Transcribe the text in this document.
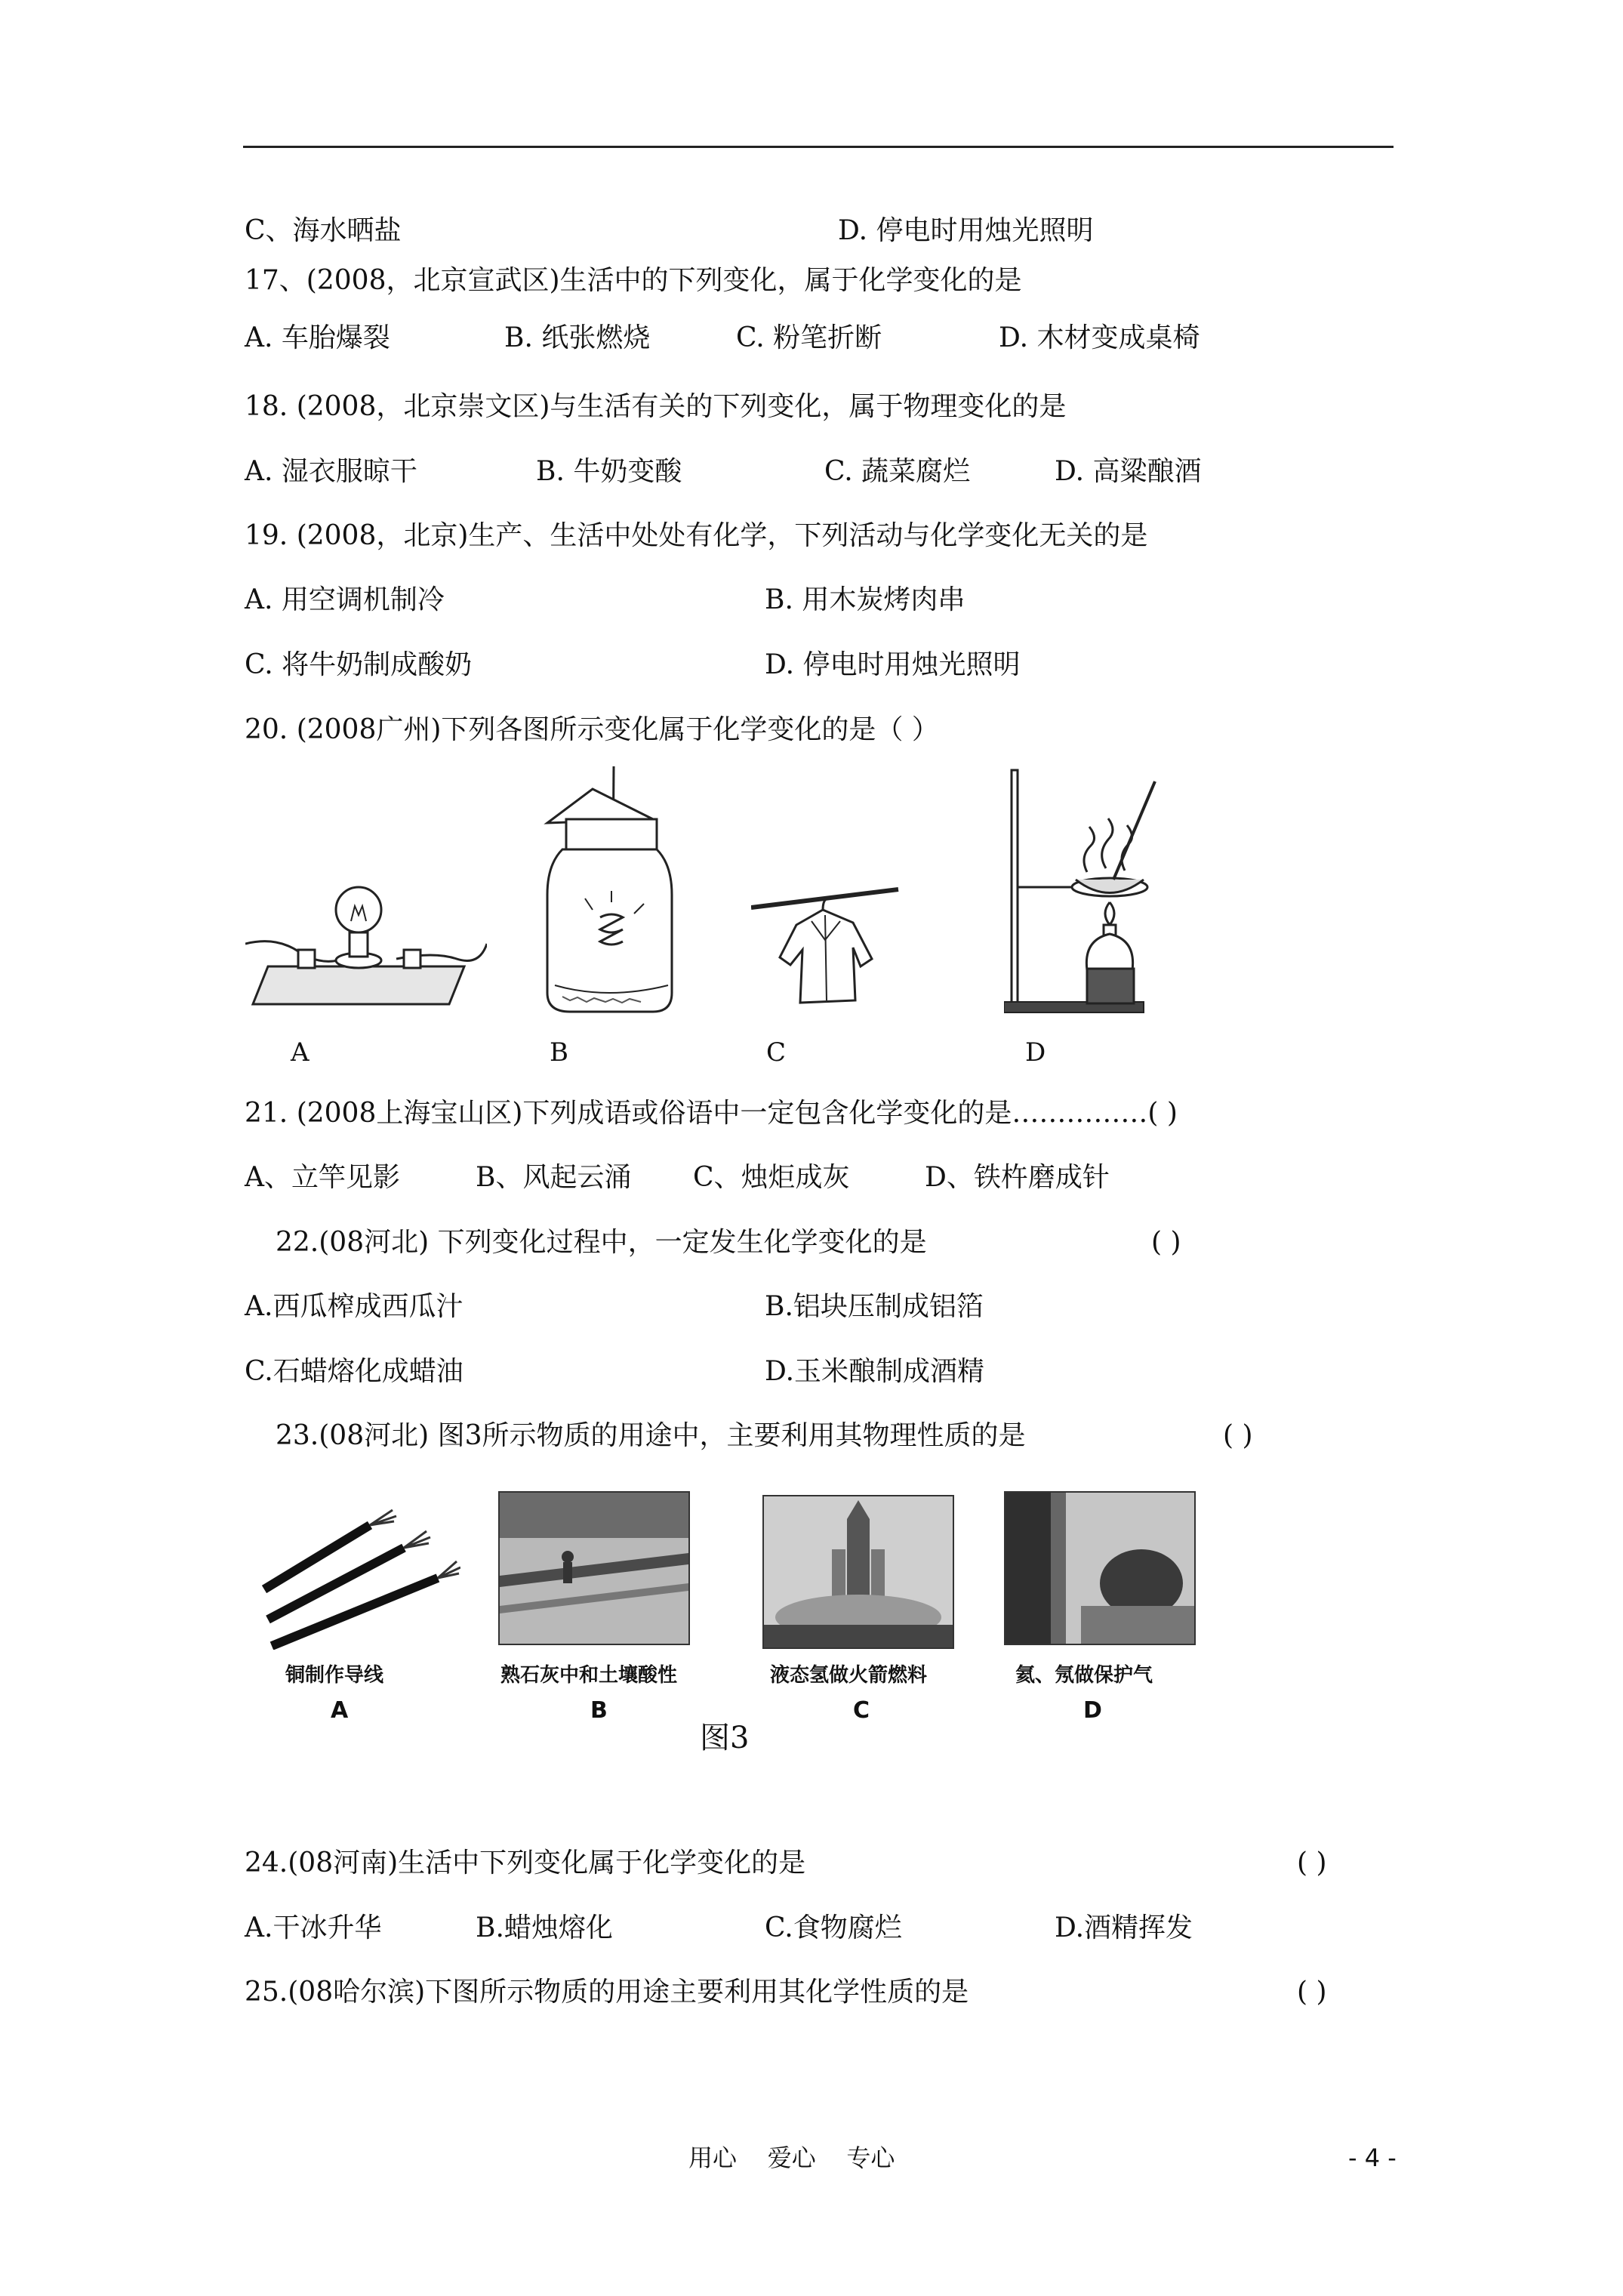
C、海水晒盐	D. 停电时用烛光照明
17、(2008，北京宣武区)生活中的下列变化，属于化学变化的是
A. 车胎爆裂	B. 纸张燃烧	C. 粉笔折断	D. 木材变成桌椅
18. (2008，北京崇文区)与生活有关的下列变化，属于物理变化的是
A. 湿衣服晾干	B. 牛奶变酸	C. 蔬菜腐烂	D. 高粱酿酒
19. (2008，北京)生产、生活中处处有化学，下列活动与化学变化无关的是
A. 用空调机制冷	B. 用木炭烤肉串
C. 将牛奶制成酸奶	D. 停电时用烛光照明
20. (2008广州)下列各图所示变化属于化学变化的是（ ）
A	B	C	D
21. (2008上海宝山区)下列成语或俗语中一定包含化学变化的是……………( )
A、立竿见影	B、风起云涌 C、烛炬成灰	D、铁杵磨成针
22.(08河北) 下列变化过程中，一定发生化学变化的是	( )
A.西瓜榨成西瓜汁	B.铝块压制成铝箔
C.石蜡熔化成蜡油	D.玉米酿制成酒精
23.(08河北) 图3所示物质的用途中，主要利用其物理性质的是	( )
铜制作导线	熟石灰中和土壤酸性	液态氢做火箭燃料	氦、氖做保护气
A	B	C	D
图3
24.(08河南)生活中下列变化属于化学变化的是	( )
A.干冰升华	B.蜡烛熔化	C.食物腐烂	D.酒精挥发
25.(08哈尔滨)下图所示物质的用途主要利用其化学性质的是	( )
用心    爱心    专心	- 4 -
